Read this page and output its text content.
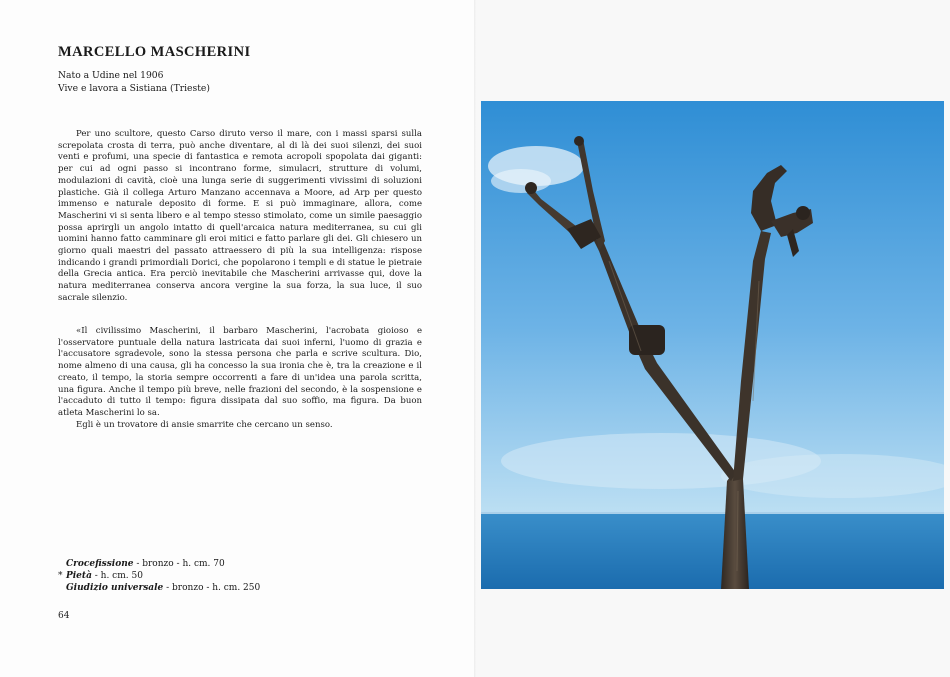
MARCELLO MASCHERINI
Nato a Udine nel 1906
Vive e lavora a Sistiana (Trieste)

Per uno scultore, questo Carso diruto verso il mare, con i massi sparsi sulla screpolata crosta di terra, può anche diventare, al di là dei suoi silenzi, dei suoi venti e profumi, una specie di fantastica e remota acropoli spopolata dai giganti: per cui ad ogni passo si incontrano forme, simulacri, strutture di volumi, modulazioni di cavità, cioè una lunga serie di suggerimenti vivissimi di soluzioni plastiche. Già il collega Arturo Manzano accennava a Moore, ad Arp per questo immenso e naturale deposito di forme. E si può immaginare, allora, come Mascherini vi si senta libero e al tempo stesso stimolato, come un simile paesaggio possa aprirgli un angolo intatto di quell'arcaica natura mediterranea, su cui gli uomini hanno fatto camminare gli eroi mitici e fatto parlare gli dei. Gli chiesero un giorno quali maestri del passato attraessero di più la sua intelligenza: rispose indicando i grandi primordiali Dorici, che popolarono i templi e di statue le pietraie della Grecia antica. Era perciò inevitabile che Mascherini arrivasse qui, dove la natura mediterranea conserva ancora vergine la sua forza, la sua luce, il suo sacrale silenzio.

«Il civilissimo Mascherini, il barbaro Mascherini, l'acrobata gioioso e l'osservatore puntuale della natura lastricata dai suoi inferni, l'uomo di grazia e l'accusatore sgradevole, sono la stessa persona che parla e scrive scultura. Dio, nome almeno di una causa, gli ha concesso la sua ironia che è, tra la creazione e il creato, il tempo, la storia sempre occorrenti a fare di un'idea una parola scritta, una figura. Anche il tempo più breve, nelle frazioni del secondo, è la sospensione e l'accaduto di tutto il tempo: figura dissipata dal suo soffio, ma figura. Da buon atleta Mascherini lo sa.

Egli è un trovatore di ansie smarrite che cercano un senso.

Crocefissione - bronzo - h. cm. 70
* Pietà - h. cm. 50
Giudizio universale - bronzo - h. cm. 250
64
